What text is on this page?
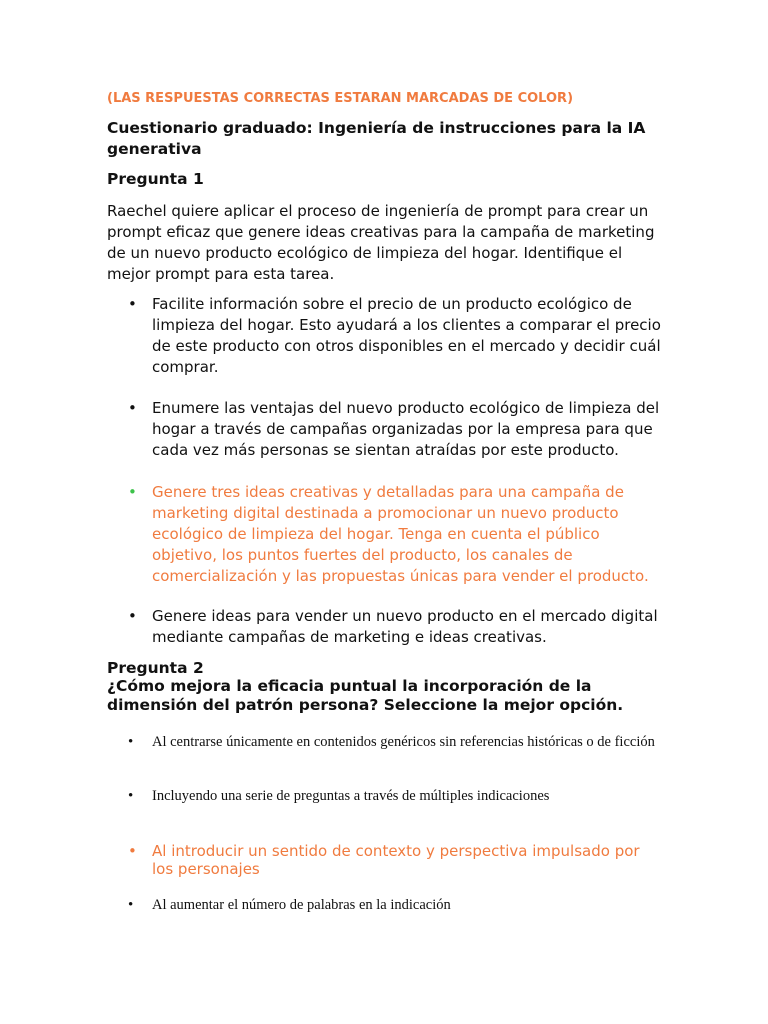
(LAS RESPUESTAS CORRECTAS ESTARAN MARCADAS DE COLOR)

Cuestionario graduado: Ingeniería de instrucciones para la IA generativa

Pregunta 1

Raechel quiere aplicar el proceso de ingeniería de prompt para crear un prompt eficaz que genere ideas creativas para la campaña de marketing de un nuevo producto ecológico de limpieza del hogar. Identifique el mejor prompt para esta tarea.

• Facilite información sobre el precio de un producto ecológico de limpieza del hogar. Esto ayudará a los clientes a comparar el precio de este producto con otros disponibles en el mercado y decidir cuál comprar.
• Enumere las ventajas del nuevo producto ecológico de limpieza del hogar a través de campañas organizadas por la empresa para que cada vez más personas se sientan atraídas por este producto.
• Genere tres ideas creativas y detalladas para una campaña de marketing digital destinada a promocionar un nuevo producto ecológico de limpieza del hogar. Tenga en cuenta el público objetivo, los puntos fuertes del producto, los canales de comercialización y las propuestas únicas para vender el producto.
• Genere ideas para vender un nuevo producto en el mercado digital mediante campañas de marketing e ideas creativas.

Pregunta 2

¿Cómo mejora la eficacia puntual la incorporación de la dimensión del patrón persona? Seleccione la mejor opción.

• Al centrarse únicamente en contenidos genéricos sin referencias históricas o de ficción
• Incluyendo una serie de preguntas a través de múltiples indicaciones
• Al introducir un sentido de contexto y perspectiva impulsado por los personajes
• Al aumentar el número de palabras en la indicación
